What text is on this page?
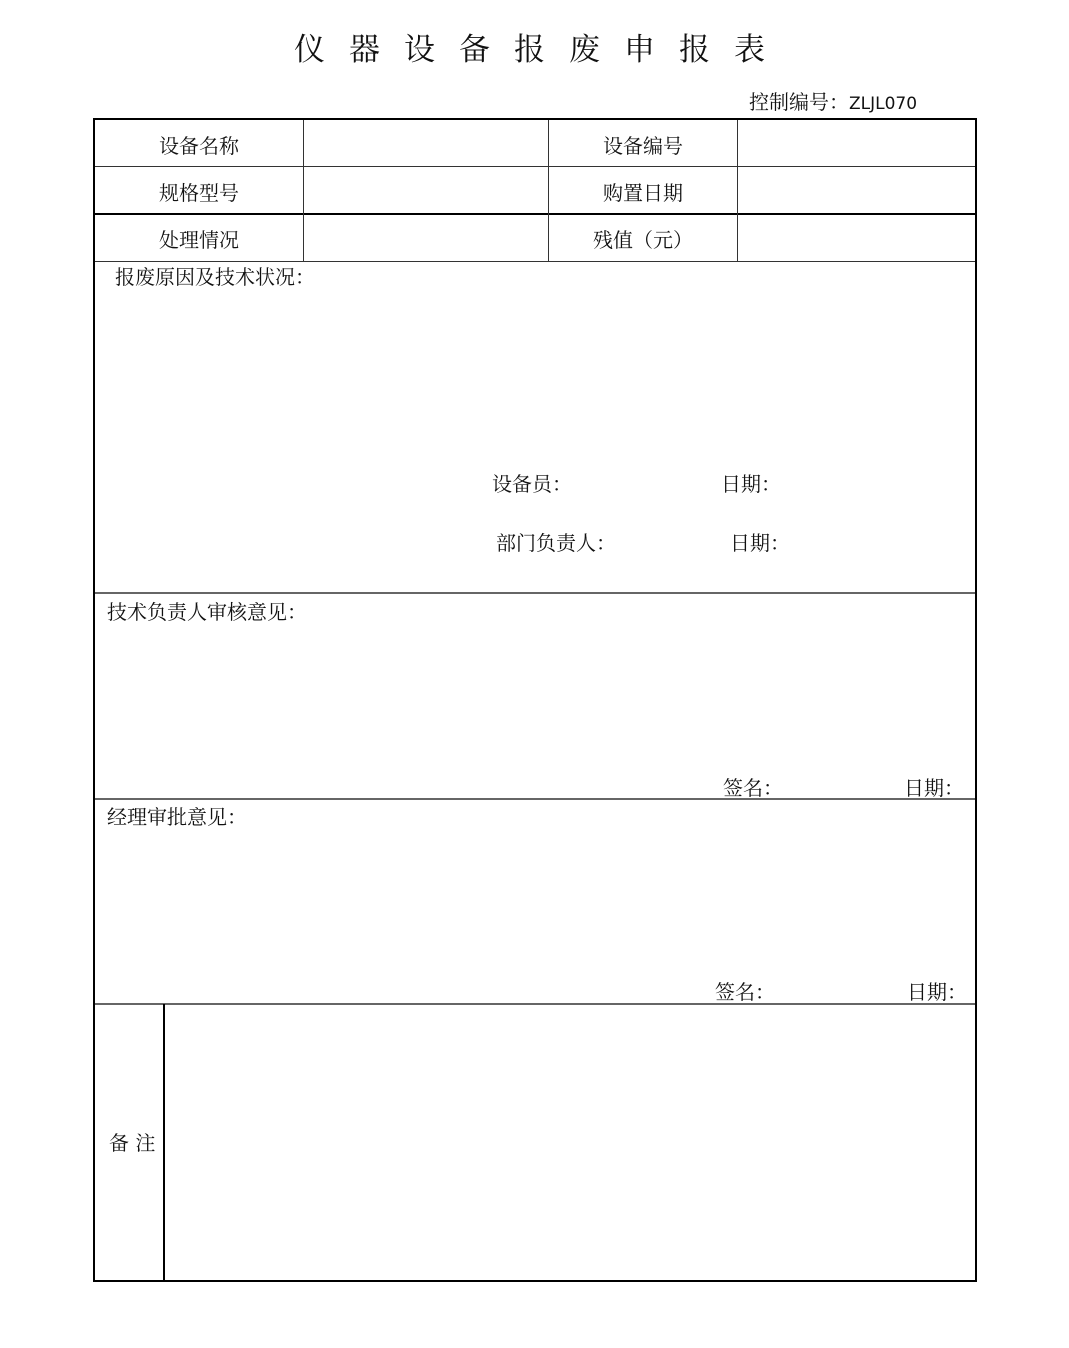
仪器设备报废申报表
控制编号：ZLJL070
设备名称	设备编号
规格型号	购置日期
处理情况	残值（元）
报废原因及技术状况：
设备员：	日期：
部门负责人：	日期：
技术负责人审核意见：
签名：	日期：
经理审批意见：
签名：	日期：
备 注
